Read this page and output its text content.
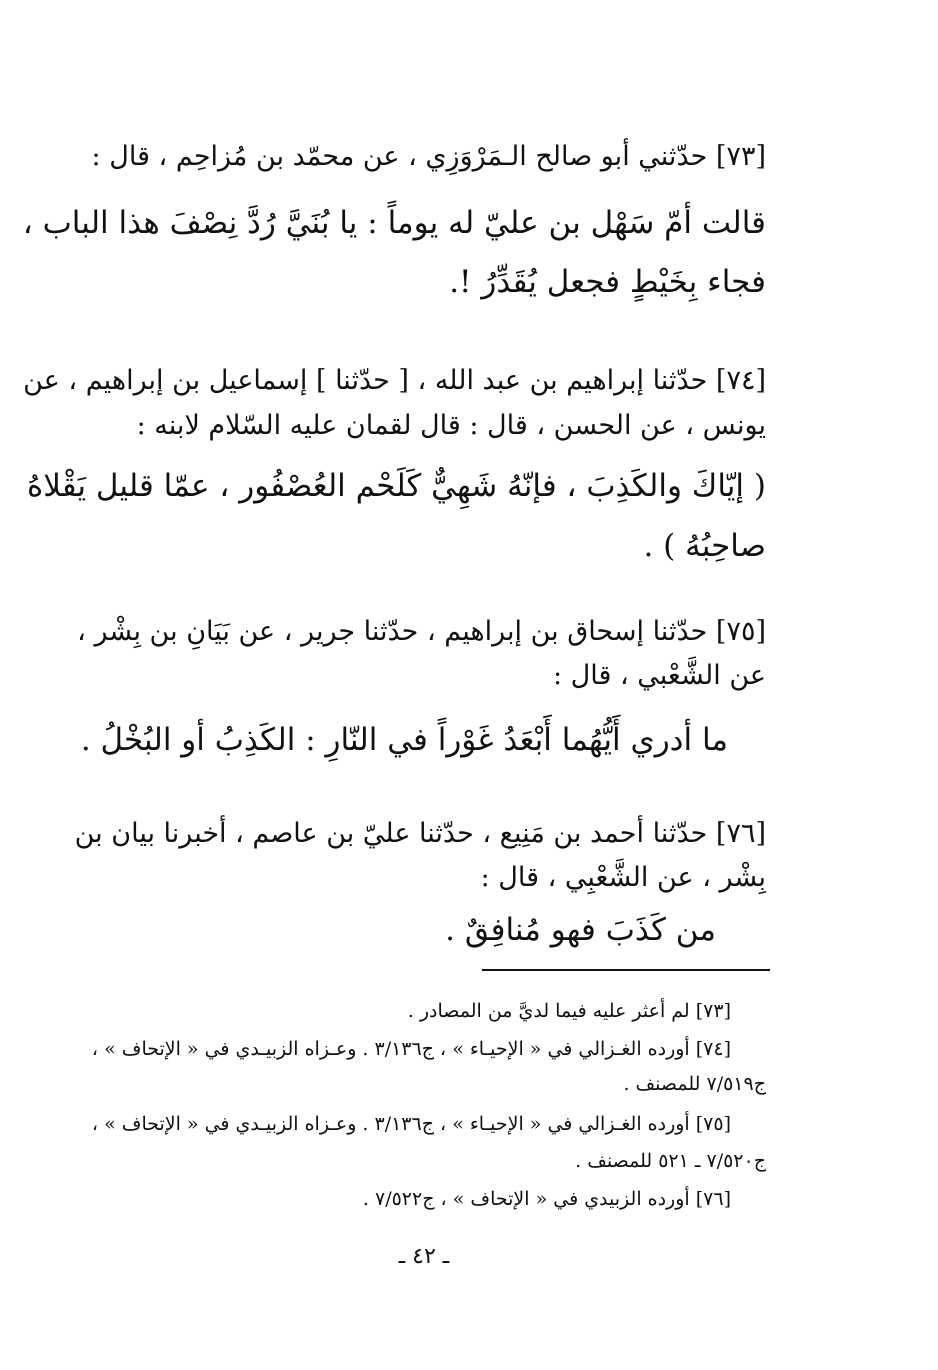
[٧٣] حدّثني أبو صالح الـمَرْوَزِي ، عن محمّد بن مُزاحِم ، قال :
قالت أمّ سَهْل بن عليّ له يوماً : يا بُنَيَّ رُدَّ نِصْفَ هذا الباب ،
فجاء بِخَيْطٍ فجعل يُقَدِّرُ !.
[٧٤] حدّثنا إبراهيم بن عبد الله ، [ حدّثنا ] إسماعيل بن إبراهيم ، عن
يونس ، عن الحسن ، قال : قال لقمان عليه السّلام لابنه :
( إيّاكَ والكَذِبَ ، فإنّهُ شَهِيٌّ كَلَحْم العُصْفُور ، عمّا قليل يَقْلاهُ
صاحِبُهُ ) .
[٧٥] حدّثنا إسحاق بن إبراهيم ، حدّثنا جرير ، عن بَيَانِ بن بِشْر ،
عن الشَّعْبي ، قال :
ما أدري أَيُّهُما أَبْعَدُ غَوْراً في النّارِ : الكَذِبُ أو البُخْلُ .
[٧٦] حدّثنا أحمد بن مَنِيع ، حدّثنا عليّ بن عاصم ، أخبرنا بيان بن
بِشْر ، عن الشَّعْبِي ، قال :
من كَذَبَ فهو مُنافِقٌ .
[٧٣] لم أعثر عليه فيما لديَّ من المصادر .
[٧٤] أورده الغـزالي في « الإحيـاء » ، ج٣/١٣٦ . وعـزاه الزبيـدي في « الإتحاف » ،
ج٧/٥١٩ للمصنف .
[٧٥] أورده الغـزالي في « الإحيـاء » ، ج٣/١٣٦ . وعـزاه الزبيـدي في « الإتحاف » ،
ج٧/٥٢٠ ـ ٥٢١ للمصنف .
[٧٦] أورده الزبيدي في « الإتحاف » ، ج٧/٥٢٢ .
ـ ٤٢ ـ
